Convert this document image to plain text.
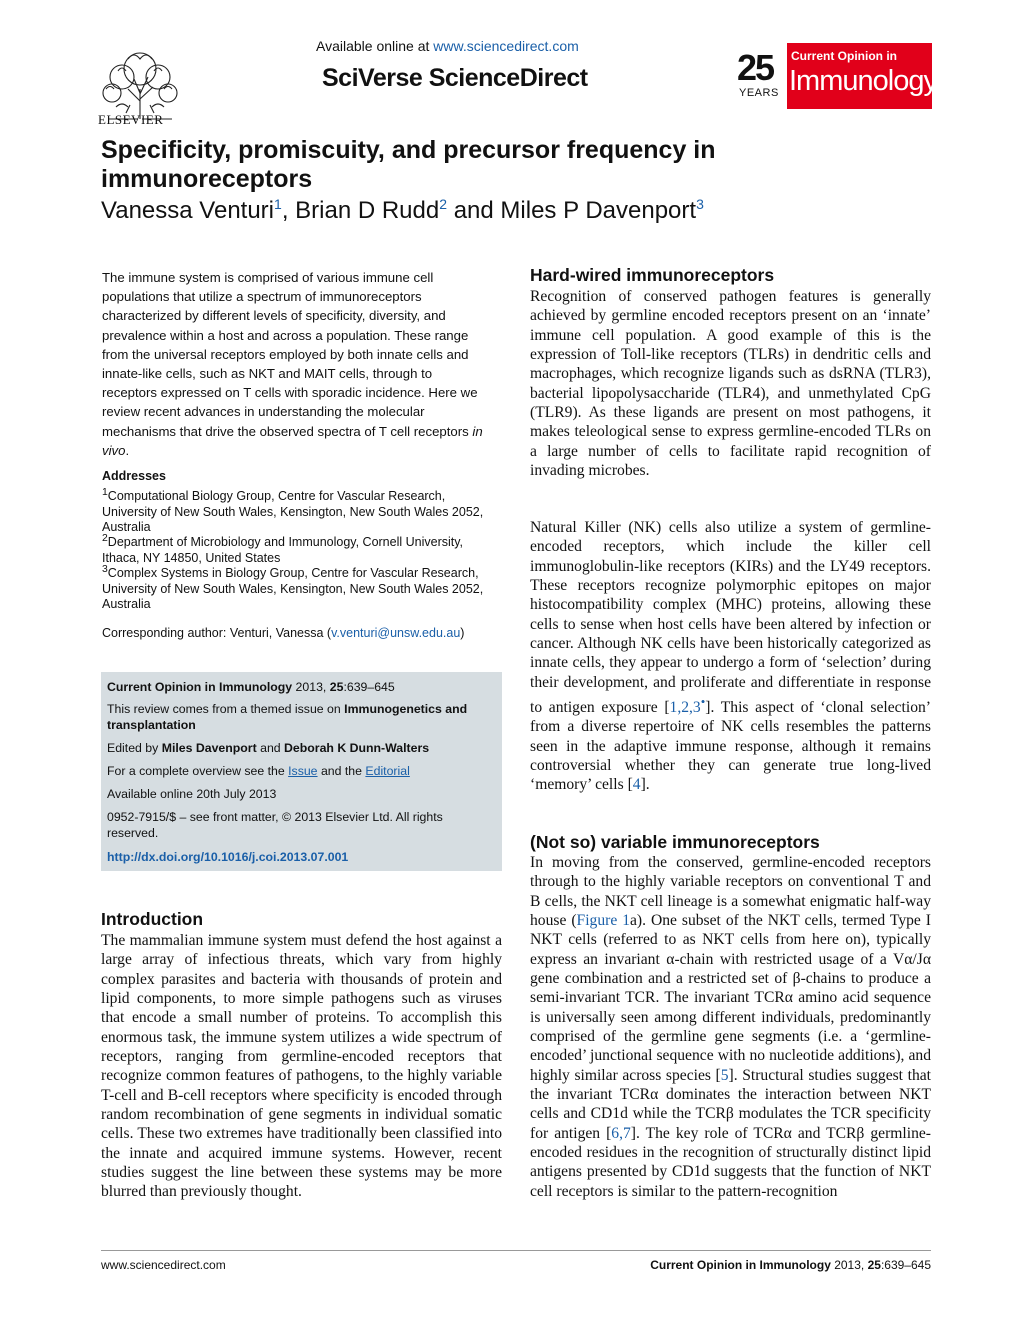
ELSEVIER
Available online at www.sciencedirect.com
SciVerse ScienceDirect	25
YEARS
Current Opinion in
Immunology
Specificity, promiscuity, and precursor frequency in immunoreceptors
Vanessa Venturi$^1$, Brian D Rudd$^2$ and Miles P Davenport$^3$
The immune system is comprised of various immune cell populations that utilize a spectrum of immunoreceptors characterized by different levels of specificity, diversity, and prevalence within a host and across a population. These range from the universal receptors employed by both innate cells and innate-like cells, such as NKT and MAIT cells, through to receptors expressed on T cells with sporadic incidence. Here we review recent advances in understanding the molecular mechanisms that drive the observed spectra of T cell receptors in vivo.
Addresses
$^1$Computational Biology Group, Centre for Vascular Research, University of New South Wales, Kensington, New South Wales 2052, Australia
$^2$Department of Microbiology and Immunology, Cornell University, Ithaca, NY 14850, United States
$^3$Complex Systems in Biology Group, Centre for Vascular Research, University of New South Wales, Kensington, New South Wales 2052, Australia
Corresponding author: Venturi, Vanessa (v.venturi@unsw.edu.au)
Current Opinion in Immunology 2013, 25:639–645
This review comes from a themed issue on Immunogenetics and transplantation
Edited by Miles Davenport and Deborah K Dunn-Walters
For a complete overview see the Issue and the Editorial
Available online 20th July 2013
0952-7915/$ – see front matter, © 2013 Elsevier Ltd. All rights reserved.
http://dx.doi.org/10.1016/j.coi.2013.07.001
Introduction
The mammalian immune system must defend the host against a large array of infectious threats, which vary from highly complex parasites and bacteria with thousands of protein and lipid components, to more simple pathogens such as viruses that encode a small number of proteins. To accomplish this enormous task, the immune system utilizes a wide spectrum of receptors, ranging from germline-encoded receptors that recognize common features of pathogens, to the highly variable T-cell and B-cell receptors where specificity is encoded through random recombination of gene segments in individual somatic cells. These two extremes have traditionally been classified into the innate and acquired immune systems. However, recent studies suggest the line between these systems may be more blurred than previously thought.
Hard-wired immunoreceptors
Recognition of conserved pathogen features is generally achieved by germline encoded receptors present on an ‘innate’ immune cell population. A good example of this is the expression of Toll-like receptors (TLRs) in dendritic cells and macrophages, which recognize ligands such as dsRNA (TLR3), bacterial lipopolysaccharide (TLR4), and unmethylated CpG (TLR9). As these ligands are present on most pathogens, it makes teleological sense to express germline-encoded TLRs on a large number of cells to facilitate rapid recognition of invading microbes.
Natural Killer (NK) cells also utilize a system of germline-encoded receptors, which include the killer cell immunoglobulin-like receptors (KIRs) and the LY49 receptors. These receptors recognize polymorphic epitopes on major histocompatibility complex (MHC) proteins, allowing these cells to sense when host cells have been altered by infection or cancer. Although NK cells have been historically categorized as innate cells, they appear to undergo a form of ‘selection’ during their development, and proliferate and differentiate in response to antigen exposure [1,2,3•]. This aspect of ‘clonal selection’ from a diverse repertoire of NK cells resembles the patterns seen in the adaptive immune response, although it remains controversial whether they can generate true long-lived ‘memory’ cells [4].
(Not so) variable immunoreceptors
In moving from the conserved, germline-encoded receptors through to the highly variable receptors on conventional T and B cells, the NKT cell lineage is a somewhat enigmatic half-way house (Figure 1a). One subset of the NKT cells, termed Type I NKT cells (referred to as NKT cells from here on), typically express an invariant α-chain with restricted usage of a Vα/Jα gene combination and a restricted set of β-chains to produce a semi-invariant TCR. The invariant TCRα amino acid sequence is universally seen among different individuals, predominantly comprised of the germline gene segments (i.e. a ‘germline-encoded’ junctional sequence with no nucleotide additions), and highly similar across species [5]. Structural studies suggest that the invariant TCRα dominates the interaction between NKT cells and CD1d while the TCRβ modulates the TCR specificity for antigen [6,7]. The key role of TCRα and TCRβ germline-encoded residues in the recognition of structurally distinct lipid antigens presented by CD1d suggests that the function of NKT cell receptors is similar to the pattern-recognition
www.sciencedirect.com	Current Opinion in Immunology 2013, 25:639–645
